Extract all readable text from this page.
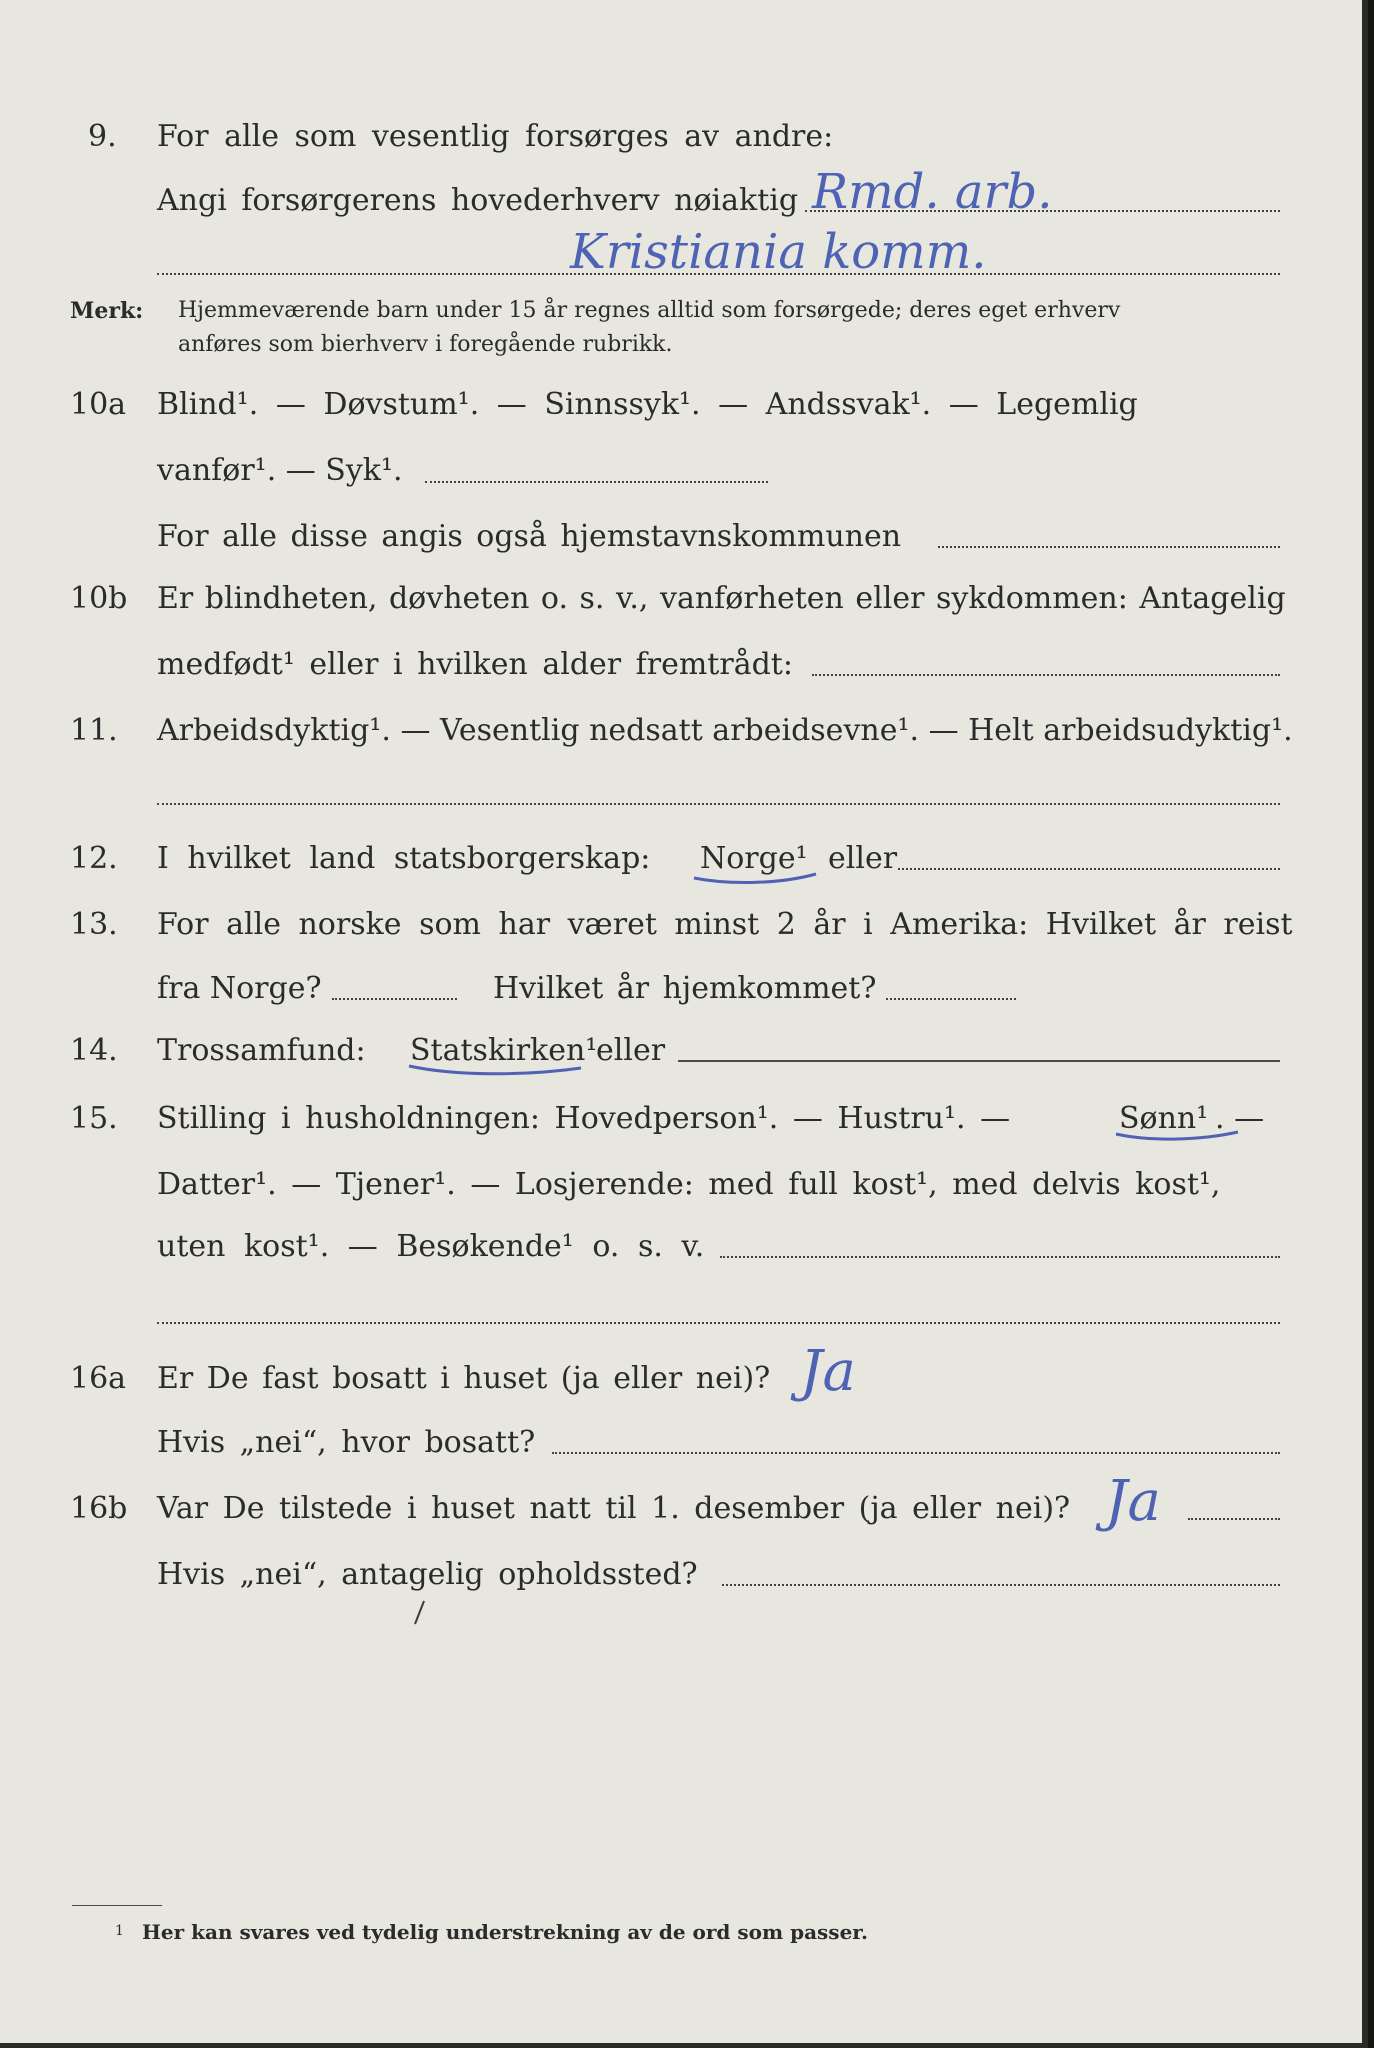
9. For alle som vesentlig forsørges av andre:
Angi forsørgerens hovederhverv nøiaktig Rmd. arb.
Kristiania komm.
Merk: Hjemmeværende barn under 15 år regnes alltid som forsørgede; deres eget erhverv
anføres som bierhverv i foregående rubrikk.
10a Blind¹. — Døvstum¹. — Sinnssyk¹. — Andssvak¹. — Legemlig
vanfør¹. — Syk¹.
For alle disse angis også hjemstavnskommunen
10b Er blindheten, døvheten o. s. v., vanførheten eller sykdommen: Antagelig
medfødt¹ eller i hvilken alder fremtrådt:
11. Arbeidsdyktig¹. — Vesentlig nedsatt arbeidsevne¹. — Helt arbeidsudyktig¹.
12. I hvilket land statsborgerskap: Norge¹ eller
13. For alle norske som har været minst 2 år i Amerika: Hvilket år reist
fra Norge?	Hvilket år hjemkommet?
14. Trossamfund: Statskirken¹
eller
15. Stilling i husholdningen: Hovedperson¹. — Hustru¹. —	Sønn¹ . —
Datter¹. — Tjener¹. — Losjerende: med full kost¹, med delvis kost¹,
uten kost¹. — Besøkende¹ o. s. v.
16a Er De fast bosatt i huset (ja eller nei)? Ja
Hvis „nei“, hvor bosatt?
16b Var De tilstede i huset natt til 1. desember (ja eller nei)? Ja
Hvis „nei“, antagelig opholdssted?
1 Her kan svares ved tydelig understrekning av de ord som passer.
